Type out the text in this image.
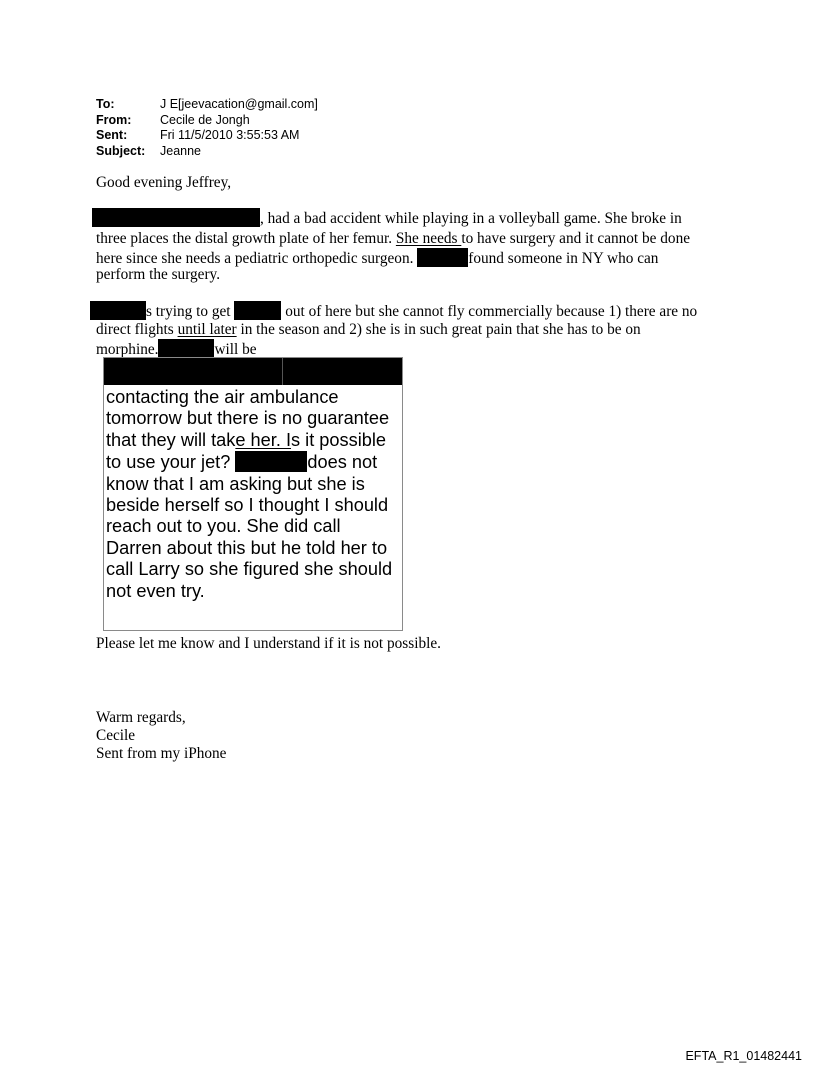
To:	J E[jeevacation@gmail.com]
From:	Cecile de Jongh
Sent:	Fri 11/5/2010 3:55:53 AM
Subject:	Jeanne
Good evening Jeffrey,
, had a bad accident while playing in a volleyball game. She broke in
three places the distal growth plate of her femur. She needs to have surgery and it cannot be done
here since she needs a pediatric orthopedic surgeon.	found someone in NY who can
perform the surgery.
s trying to get	out of here but she cannot fly commercially because 1) there are no
direct flights until later in the season and 2) she is in such great pain that she has to be on
morphine.	will be
contacting the air ambulance
tomorrow but there is no guarantee
that they will take her. Is it possible
to use your jet?	does not
know that I am asking but she is
beside herself so I thought I should
reach out to you. She did call
Darren about this but he told her to
call Larry so she figured she should
not even try.
Please let me know and I understand if it is not possible.
Warm regards,
Cecile
Sent from my iPhone
EFTA_R1_01482441
